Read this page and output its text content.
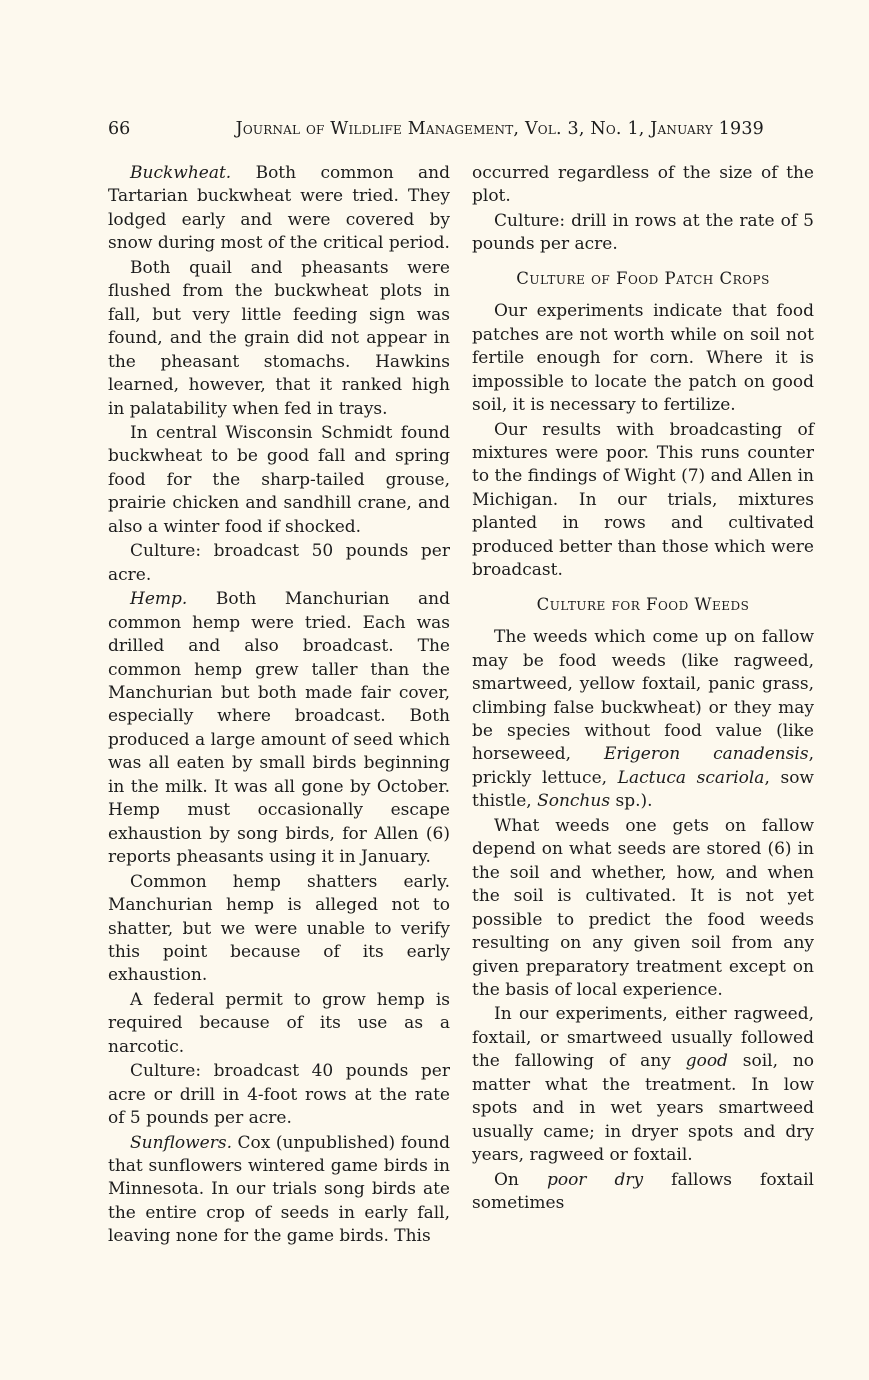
66	Journal of Wildlife Management, Vol. 3, No. 1, January 1939

Buckwheat. Both common and Tartarian buckwheat were tried. They lodged early and were covered by snow during most of the critical period.

Both quail and pheasants were flushed from the buckwheat plots in fall, but very little feeding sign was found, and the grain did not appear in the pheasant stomachs. Hawkins learned, however, that it ranked high in palatability when fed in trays.

In central Wisconsin Schmidt found buckwheat to be good fall and spring food for the sharp-tailed grouse, prairie chicken and sandhill crane, and also a winter food if shocked.

Culture: broadcast 50 pounds per acre.

Hemp. Both Manchurian and common hemp were tried. Each was drilled and also broadcast. The common hemp grew taller than the Manchurian but both made fair cover, especially where broadcast. Both produced a large amount of seed which was all eaten by small birds beginning in the milk. It was all gone by October. Hemp must occasionally escape exhaustion by song birds, for Allen (6) reports pheasants using it in January.

Common hemp shatters early. Manchurian hemp is alleged not to shatter, but we were unable to verify this point because of its early exhaustion.

A federal permit to grow hemp is required because of its use as a narcotic.

Culture: broadcast 40 pounds per acre or drill in 4-foot rows at the rate of 5 pounds per acre.

Sunflowers. Cox (unpublished) found that sunflowers wintered game birds in Minnesota. In our trials song birds ate the entire crop of seeds in early fall, leaving none for the game birds. This

occurred regardless of the size of the plot.

Culture: drill in rows at the rate of 5 pounds per acre.

Culture of Food Patch Crops

Our experiments indicate that food patches are not worth while on soil not fertile enough for corn. Where it is impossible to locate the patch on good soil, it is necessary to fertilize.

Our results with broadcasting of mixtures were poor. This runs counter to the findings of Wight (7) and Allen in Michigan. In our trials, mixtures planted in rows and cultivated produced better than those which were broadcast.

Culture for Food Weeds

The weeds which come up on fallow may be food weeds (like ragweed, smartweed, yellow foxtail, panic grass, climbing false buckwheat) or they may be species without food value (like horseweed, Erigeron canadensis, prickly lettuce, Lactuca scariola, sow thistle, Sonchus sp.).

What weeds one gets on fallow depend on what seeds are stored (6) in the soil and whether, how, and when the soil is cultivated. It is not yet possible to predict the food weeds resulting on any given soil from any given preparatory treatment except on the basis of local experience.

In our experiments, either ragweed, foxtail, or smartweed usually followed the fallowing of any good soil, no matter what the treatment. In low spots and in wet years smartweed usually came; in dryer spots and dry years, ragweed or foxtail.

On poor dry fallows foxtail sometimes
